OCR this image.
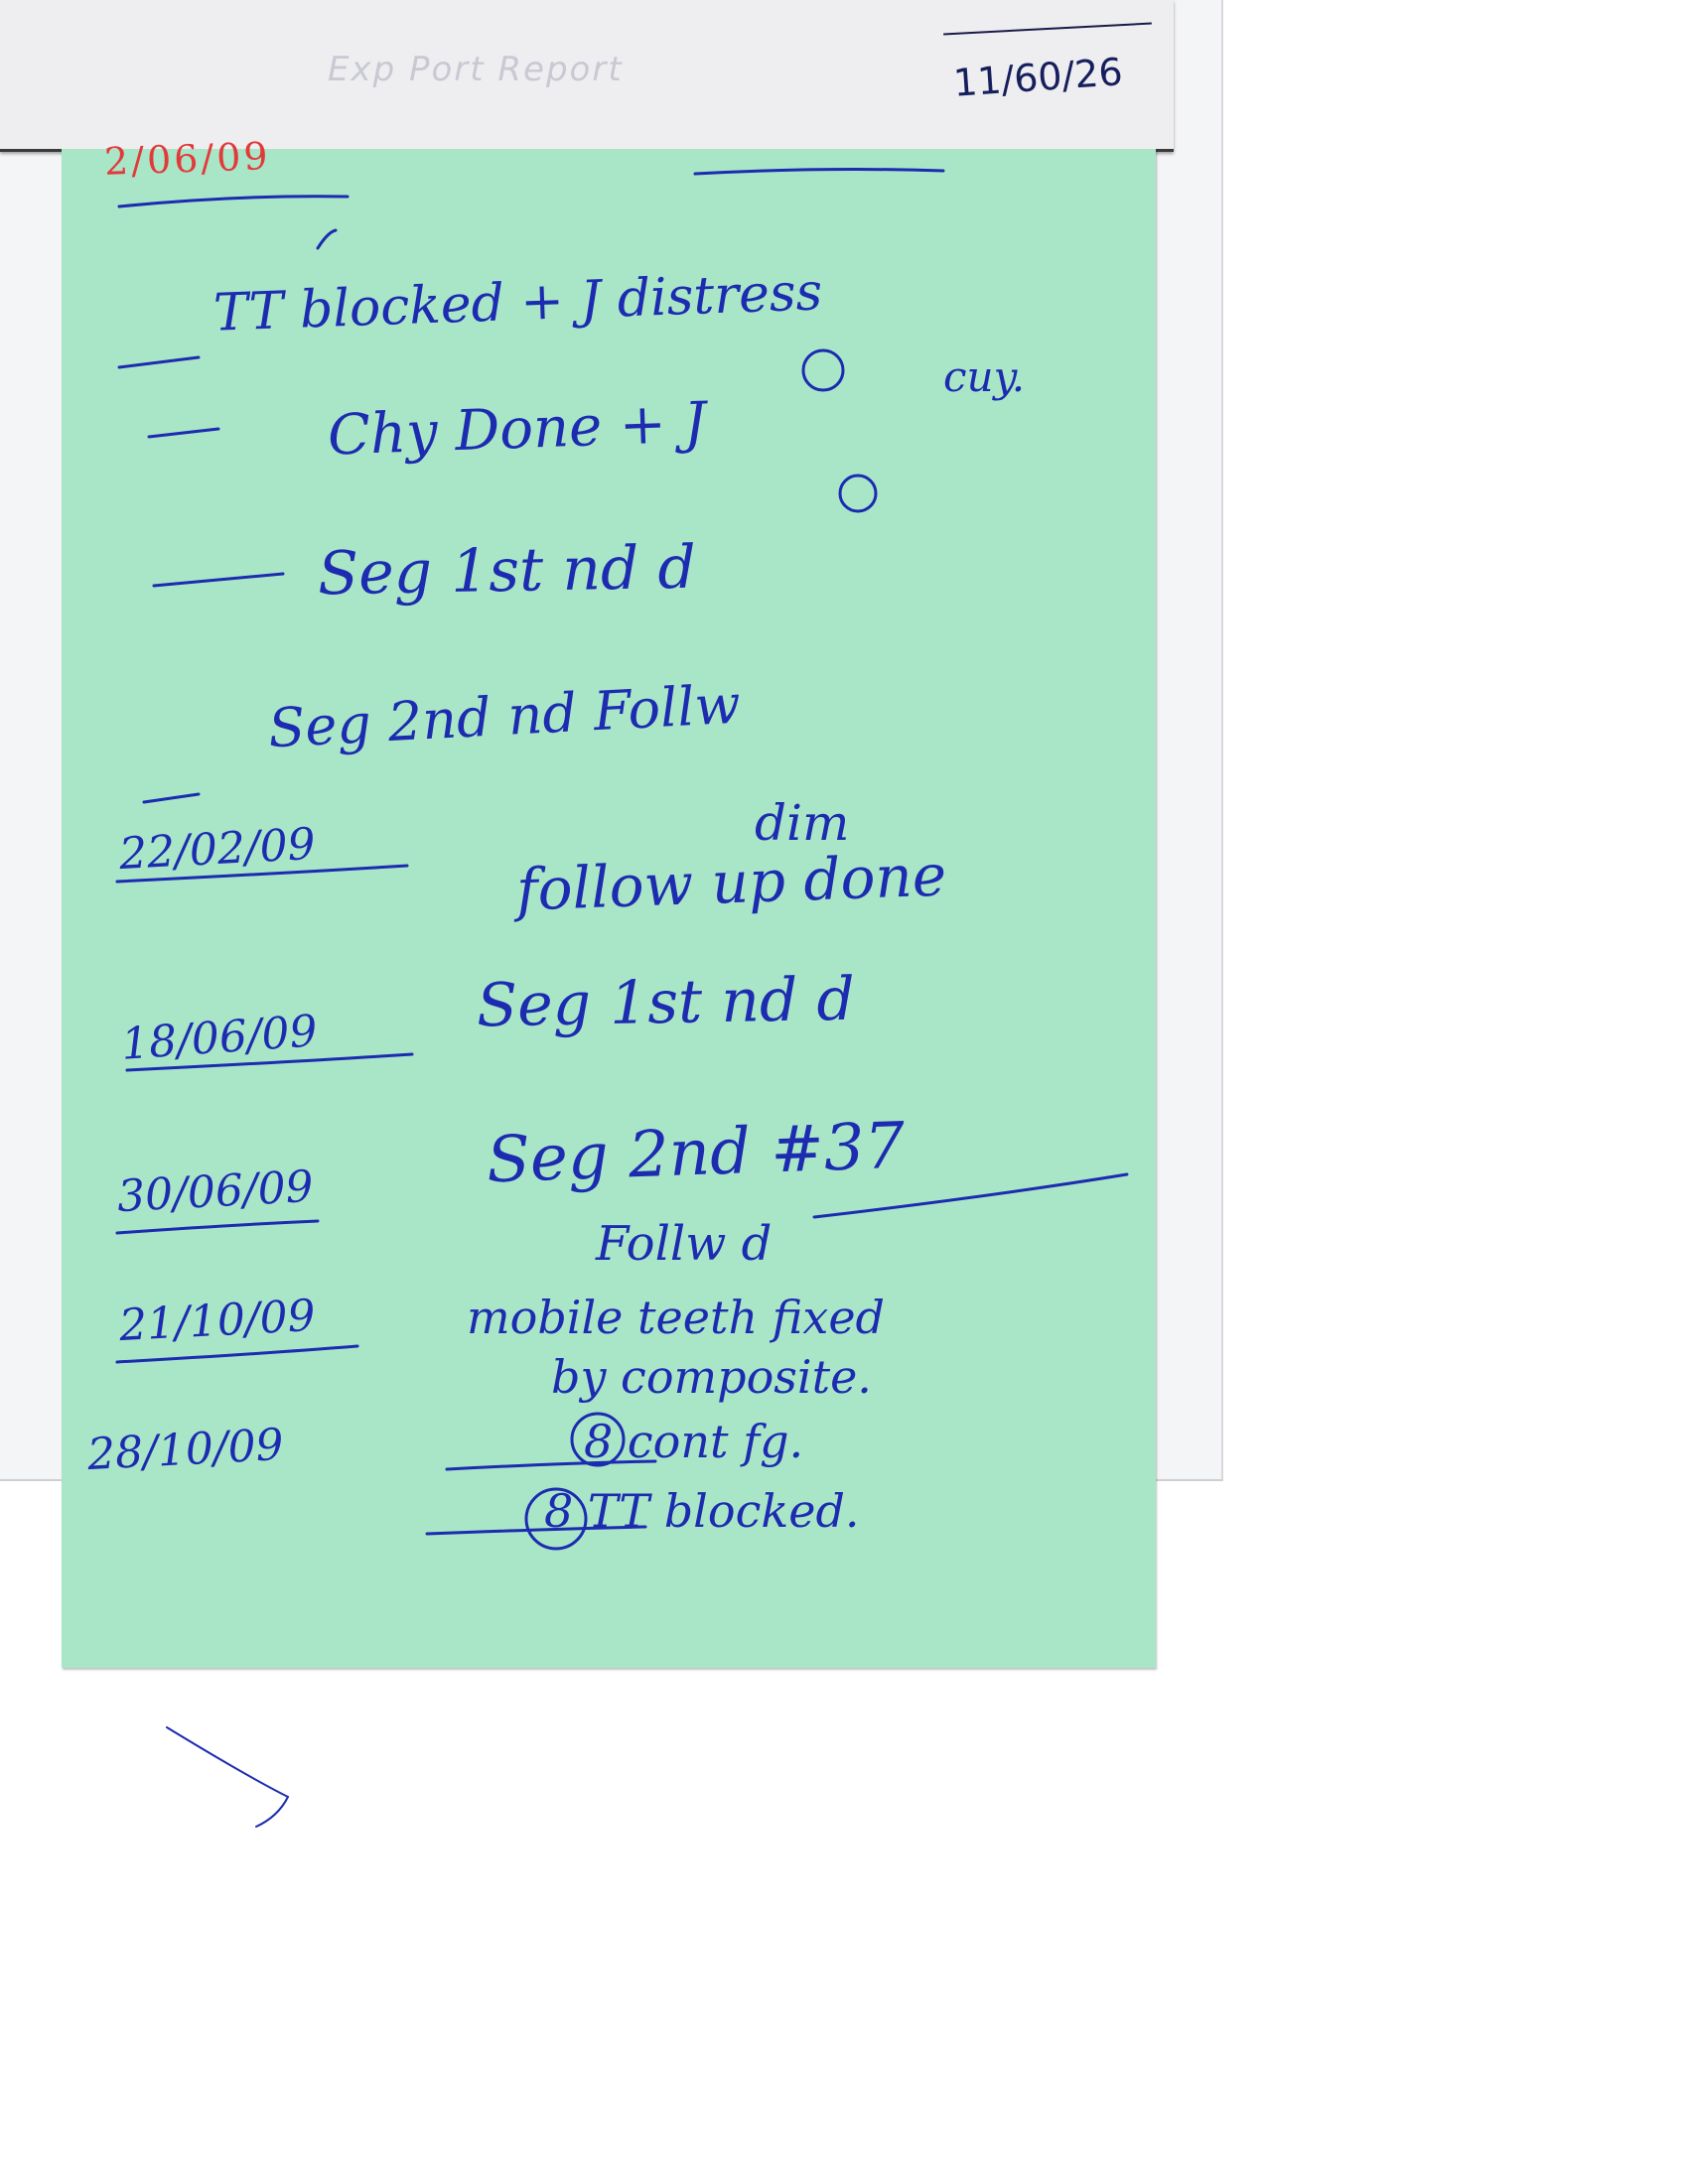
Exp Port Report	11/60/26
2/06/09
TT blocked + J distress
cuy.
Chy Done + J
Seg 1st nd d
Seg 2nd nd Follw
dim
22/02/09	follow up done
18/06/09	Seg 1st nd d
30/06/09	Seg 2nd #37
Follw d
21/10/09	mobile teeth fixed
by composite.
28/10/09	8 cont fg.
8 TT blocked.
